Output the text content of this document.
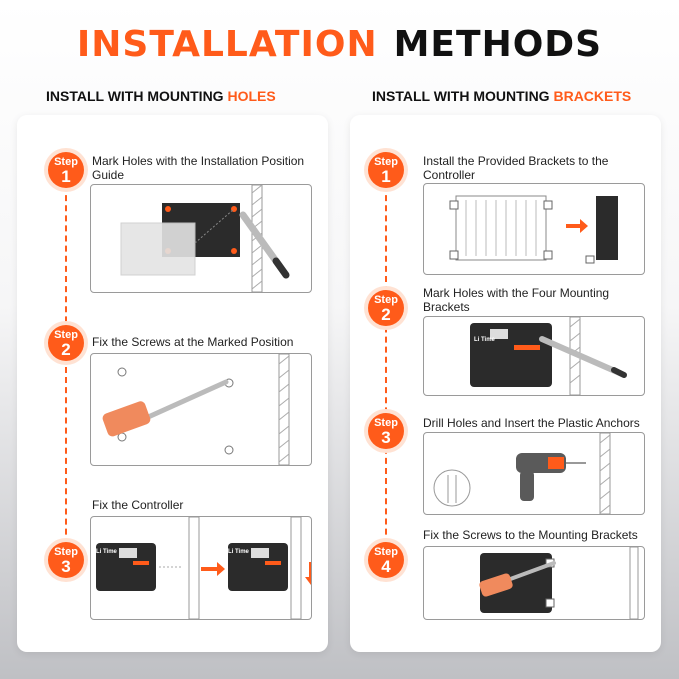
INSTALLATION METHODS
INSTALL WITH MOUNTING HOLES	INSTALL WITH MOUNTING BRACKETS
Step
1
Mark Holes with the Installation Position Guide
Step
2	Fix the Screws at the Marked Position
Step
3
Fix the Controller
Li Time	Li Time
Step
1
Install the Provided Brackets to the Controller
Step
2
Mark Holes with the Four Mounting Brackets
Step
3
Drill Holes and Insert the Plastic Anchors
Step
4
Fix the Screws to the Mounting Brackets
Li Time
